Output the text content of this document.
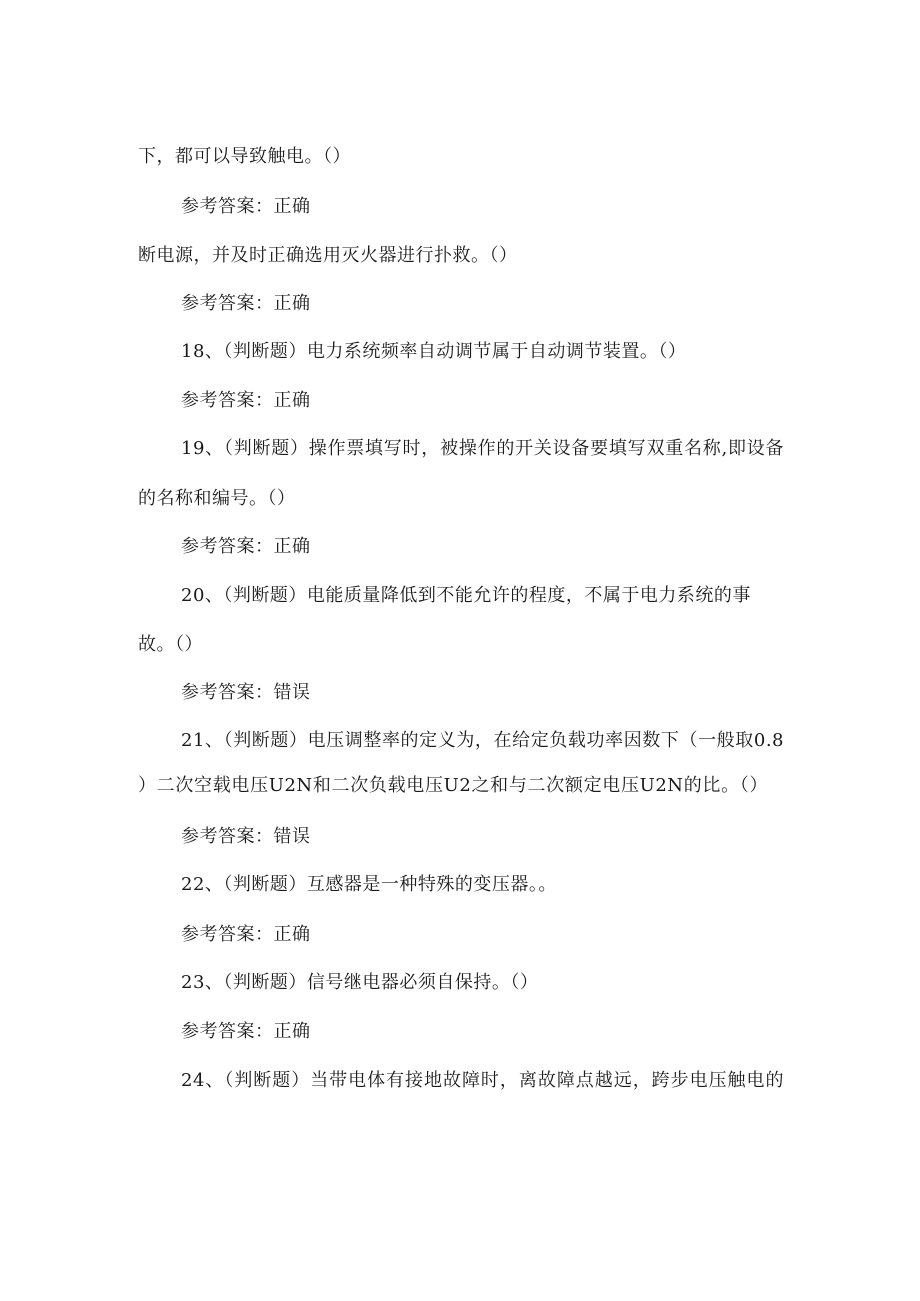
下，都可以导致触电。（）
参考答案：正确
断电源，并及时正确选用灭火器进行扑救。（）
参考答案：正确
18、（判断题）电力系统频率自动调节属于自动调节装置。（）
参考答案：正确
19、（判断题）操作票填写时，被操作的开关设备要填写双重名称,即设备
的名称和编号。（）
参考答案：正确
20、（判断题）电能质量降低到不能允许的程度，不属于电力系统的事
故。（）
参考答案：错误
21、（判断题）电压调整率的定义为，在给定负载功率因数下（一般取0.8
）二次空载电压U2N和二次负载电压U2之和与二次额定电压U2N的比。（）
参考答案：错误
22、（判断题）互感器是一种特殊的变压器。。
参考答案：正确
23、（判断题）信号继电器必须自保持。（）
参考答案：正确
24、（判断题）当带电体有接地故障时，离故障点越远，跨步电压触电的
